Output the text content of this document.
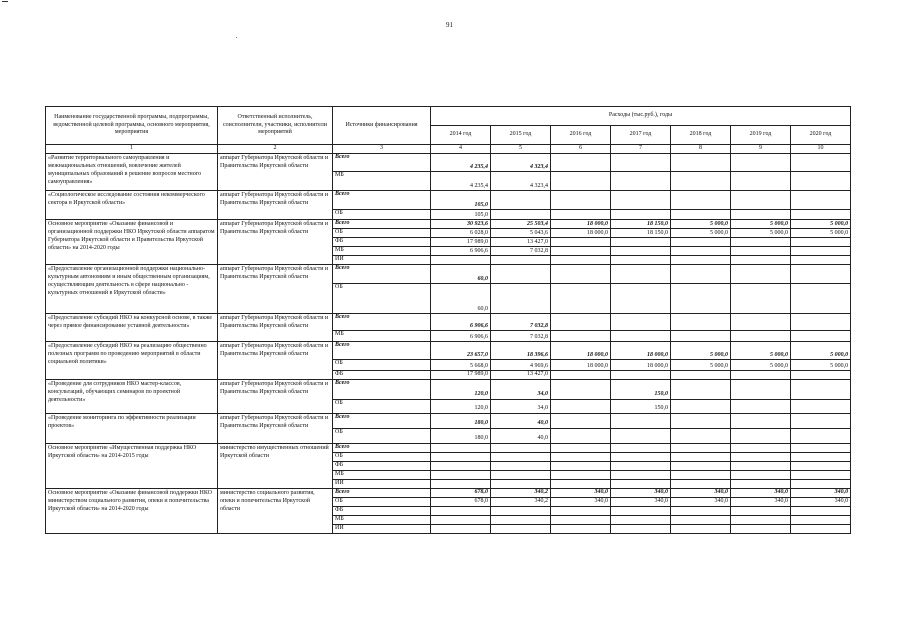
91
Наименование государственной программы, подпрограммы, ведомственной целевой программы, основного мероприятия, мероприятия	Ответственный исполнитель, соисполнители, участники, исполнители мероприятий	Источники финансирования	Расходы (тыс.руб.), годы						
			2014 год	2015 год	2016 год	2017 год	2018 год	2019 год	2020 год
1	2	3	4	5	6	7	8	9	10
«Развитие территориального самоуправления и межнациональных отношений, вовлечение жителей муниципальных образований в решение вопросов местного самоуправления»	аппарат Губернатора Иркутской области и Правительства Иркутской области	Всего	4 235,4	4 323,4					
		МБ	4 235,4	4 323,4					
«Социологическое исследование состояния некоммерческого сектора в Иркутской области»	аппарат Губернатора Иркутской области и Правительства Иркутской области	Всего	105,0						
		ОБ	105,0						
Основное мероприятие «Оказание финансовой и организационной поддержки НКО Иркутской области аппаратом Губернатора Иркутской области и Правительства Иркутской области» на 2014-2020 годы	аппарат Губернатора Иркутской области и Правительства Иркутской области	Всего	30 923,6	25 503,4	18 000,0	18 150,0	5 000,0	5 000,0	5 000,0
		ОБ	6 028,0	5 043,6	18 000,0	18 150,0	5 000,0	5 000,0	5 000,0
		ФБ	17 989,0	13 427,0					
		МБ	6 906,6	7 032,8					
		ИИ							
«Предоставление организационной поддержки национально-культурным автономиям и иным общественным организациям, осуществляющим деятельность в сфере национально - культурных отношений в Иркутской области»	аппарат Губернатора Иркутской области и Правительства Иркутской области	Всего	60,0						
		ОБ	60,0						
«Предоставление субсидий НКО на конкурсной основе, в также через прямое финансирование уставной деятельности»	аппарат Губернатора Иркутской области и Правительства Иркутской области	Всего	6 906,6	7 032,8					
		МБ	6 906,6	7 032,8					
«Предоставление субсидий НКО на реализацию общественно полезных программ по проведению мероприятий в области социальной политики»	аппарат Губернатора Иркутской области и Правительства Иркутской области	Всего	23 657,0	18 396,6	18 000,0	18 000,0	5 000,0	5 000,0	5 000,0
		ОБ	5 668,0	4 969,6	18 000,0	18 000,0	5 000,0	5 000,0	5 000,0
		ФБ	17 989,0	13 427,0					
«Проведение для сотрудников НКО мастер-классов, консультаций, обучающих семинаров по проектной деятельности»	аппарат Губернатора Иркутской области и Правительства Иркутской области	Всего	120,0	34,0		150,0			
		ОБ	120,0	34,0		150,0			
«Проведение мониторинга по эффективности реализации проектов»	аппарат Губернатора Иркутской области и Правительства Иркутской области	Всего	180,0	40,0					
		ОБ	180,0	40,0					
Основное мероприятие «Имущественная поддержка НКО Иркутской области» на 2014-2015 годы	министерство имущественных отношений Иркутской области	Всего							
		ОБ							
		ФБ							
		МБ							
		ИИ							
Основное мероприятие «Оказание финансовой поддержки НКО министерством социального развития, опеки и попечительства Иркутской области» на 2014-2020 годы	министерство социального развития, опеки и попечительства Иркутской области	Всего	678,0	340,2	340,0	340,0	340,0	340,0	340,0
		ОБ	678,0	340,2	340,0	340,0	340,0	340,0	340,0
		ФБ							
		МБ							
		ИИ							
